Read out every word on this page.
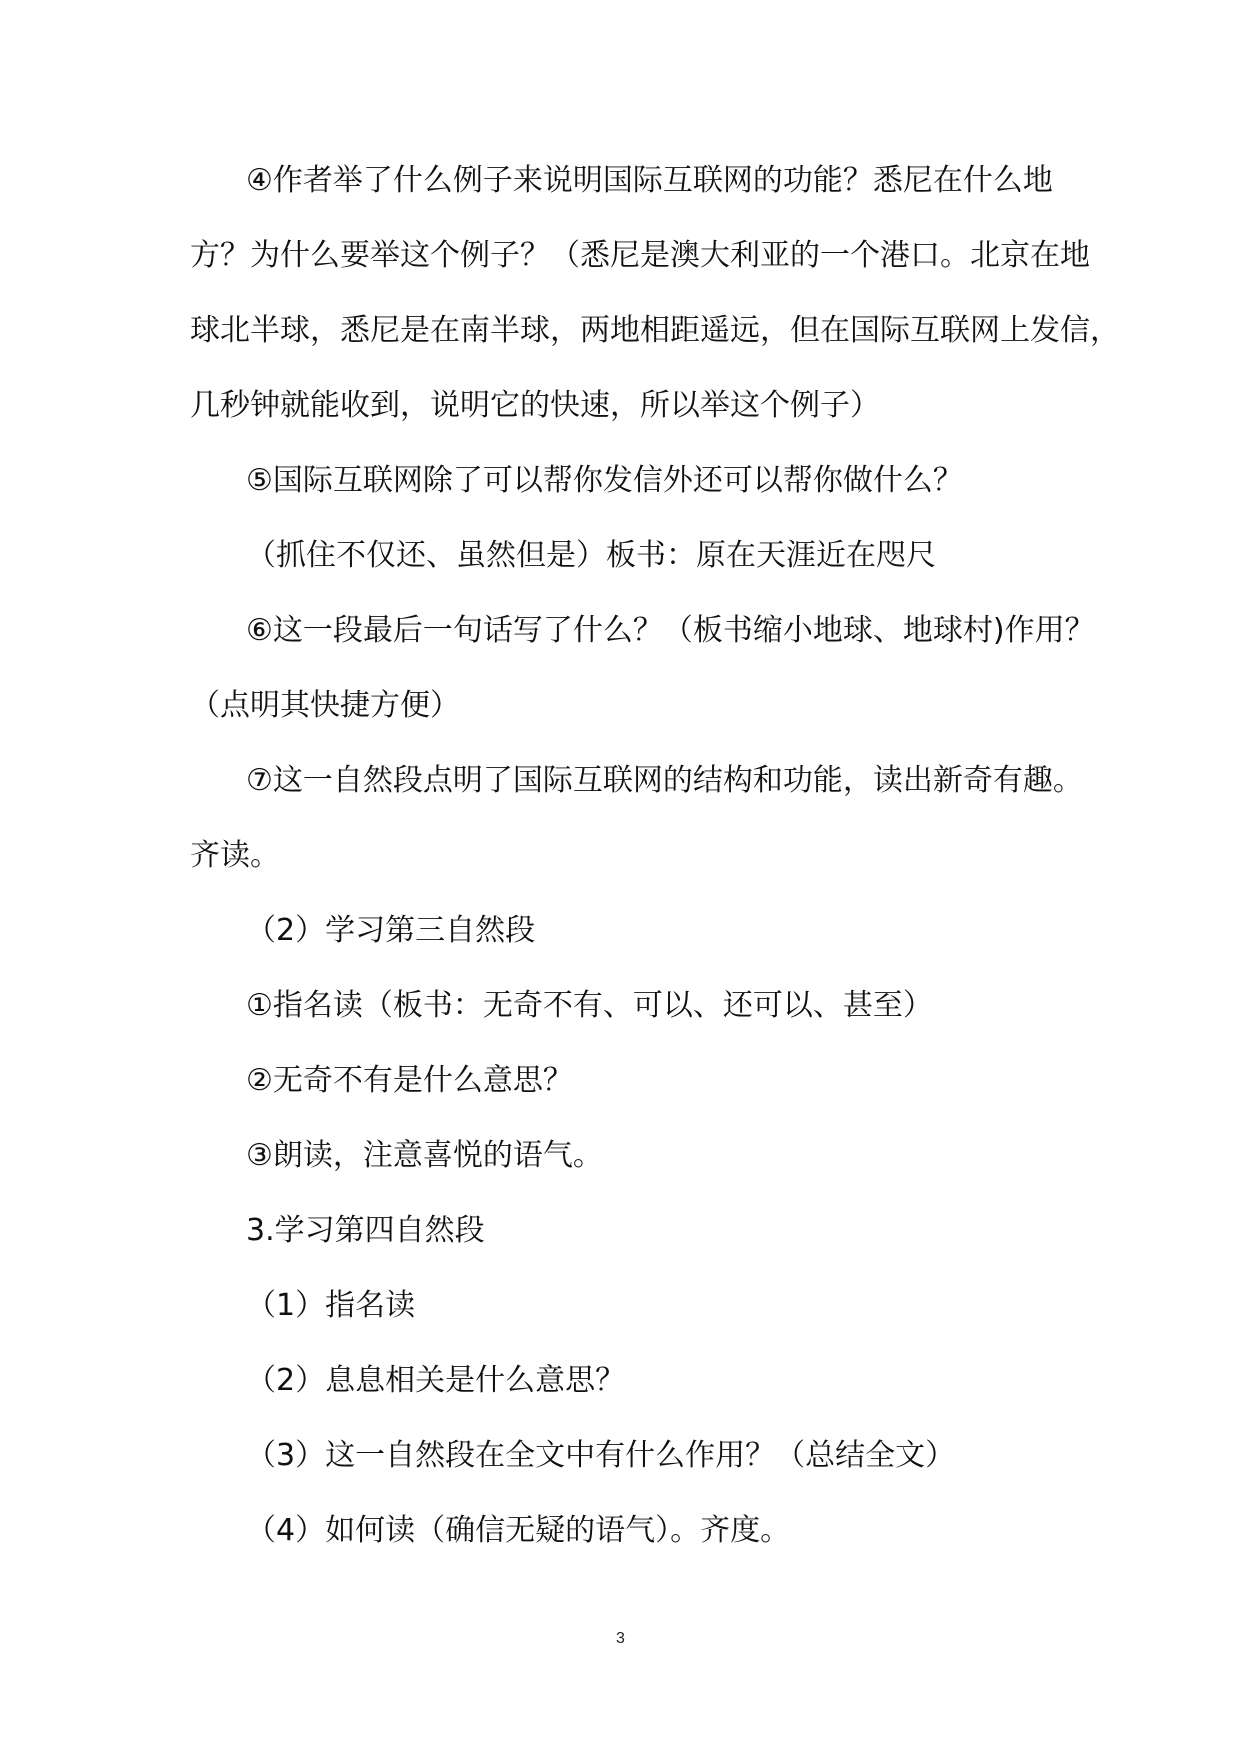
④作者举了什么例子来说明国际互联网的功能？悉尼在什么地

方？为什么要举这个例子？（悉尼是澳大利亚的一个港口。北京在地

球北半球，悉尼是在南半球，两地相距遥远，但在国际互联网上发信，

几秒钟就能收到，说明它的快速，所以举这个例子）

⑤国际互联网除了可以帮你发信外还可以帮你做什么？

（抓住不仅还、虽然但是）板书：原在天涯近在咫尺

⑥这一段最后一句话写了什么？（板书缩小地球、地球村)作用？

（点明其快捷方便）

⑦这一自然段点明了国际互联网的结构和功能，读出新奇有趣。

齐读。

（2）学习第三自然段

①指名读（板书：无奇不有、可以、还可以、甚至）

②无奇不有是什么意思？

③朗读，注意喜悦的语气。

3.学习第四自然段

（1）指名读

（2）息息相关是什么意思？

（3）这一自然段在全文中有什么作用？（总结全文）

（4）如何读（确信无疑的语气）。齐度。

3
